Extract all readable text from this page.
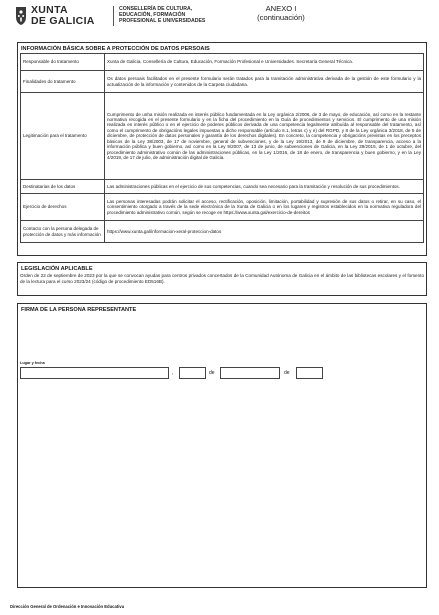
XUNTA
DE GALICIA
CONSELLERÍA DE CULTURA,
EDUCACIÓN, FORMACIÓN
PROFESIONAL E UNIVERSIDADES
ANEXO I
(continuación)
INFORMACIÓN BÁSICA SOBRE A PROTECCIÓN DE DATOS PERSOAIS
Responsable do tratamento	Xunta de Galicia. Consellería de Cultura, Educación, Formación Profesional e Universidades. Secretaría General Técnica.
Finalidades do tratamento	Os datos persoais facilitados en el presente formulario serán tratados para la tramitación administrativa derivada de la gestión de este formulario y la actualización de la información y contenidos de la Carpeta ciudadana.
Legitimación para el tratamento	Cumprimento de unha misión realizada en interés público fundamentada en la Ley orgánica 2/2006, de 3 de mayo, de educación, así como en la restante normativa recogida en el presente formulario y en la ficha del procedimiento en la Guía de procedimientos y servicios. El cumprimento de una misión realizada en interés público o en el ejercicio de poderes públicos derivada de una competencia legalmente atribuída al responsable del tratamento, así como el cumprimento de obrigacións legales impuestas a dicho responsable (artículo 6.1, letras c) y e) del RGPD, y 8 de la Ley orgánica 3/2018, de 5 de diciembre, de protección de datos personales y garantía de los derechos digitales). En concreto, la competencia y obrigacións previstas en los preceptos básicos de la Ley 38/2003, de 17 de noviembre, general de subvenciones, y de la Ley 19/2013, de 9 de diciembre, de transparencia, acceso a la información pública y buen gobierno, así como en la Ley 9/2007, de 13 de junio, de subvenciones de Galicia, en la Ley 39/2015, de 1 de octubre, del procedimiento administrativo común de las administraciones públicas, en la Ley 1/2016, de 18 de enero, de transparencia y buen gobierno, y en la Ley 4/2019, de 17 de julio, de administración digital de Galicia.
Destinatarias de los datos	Las administraciones públicas en el ejercicio de sus competencias, cuando sea necesario para la tramitación y resolución de sus procedimientos.
Ejercicio de derechos	Las personas interesadas podrán solicitar el acceso, rectificación, oposición, limitación, portabilidad y supresión de sus datos o retirar, en su caso, el consentimiento otorgado a través de la sede electrónica de la Xunta de Galicia o en los lugares y registros establecidos en la normativa reguladora del procedimiento administrativo común, según se recoge en https://www.xunta.gal/exercicio-de-dereitos
Contacto con la persona delegada de protección de datos y más información	https://www.xunta.gal/informacion-xeral-proteccion-datos
LEGISLACIÓN APLICABLE
Orden de 22 de septiembre de 2023 por la que se convocan ayudas para centros privados concertados de la Comunidad Autónoma de Galicia en el ámbito de las bibliotecas escolares y el fomento de la lectura para el curso 2023/24 (código de procedimiento ED516B).
FIRMA DE LA PERSONA REPRESENTANTE
Lugar y fecha
,	de	de
Dirección General de Ordenación e Innovación Educativa
